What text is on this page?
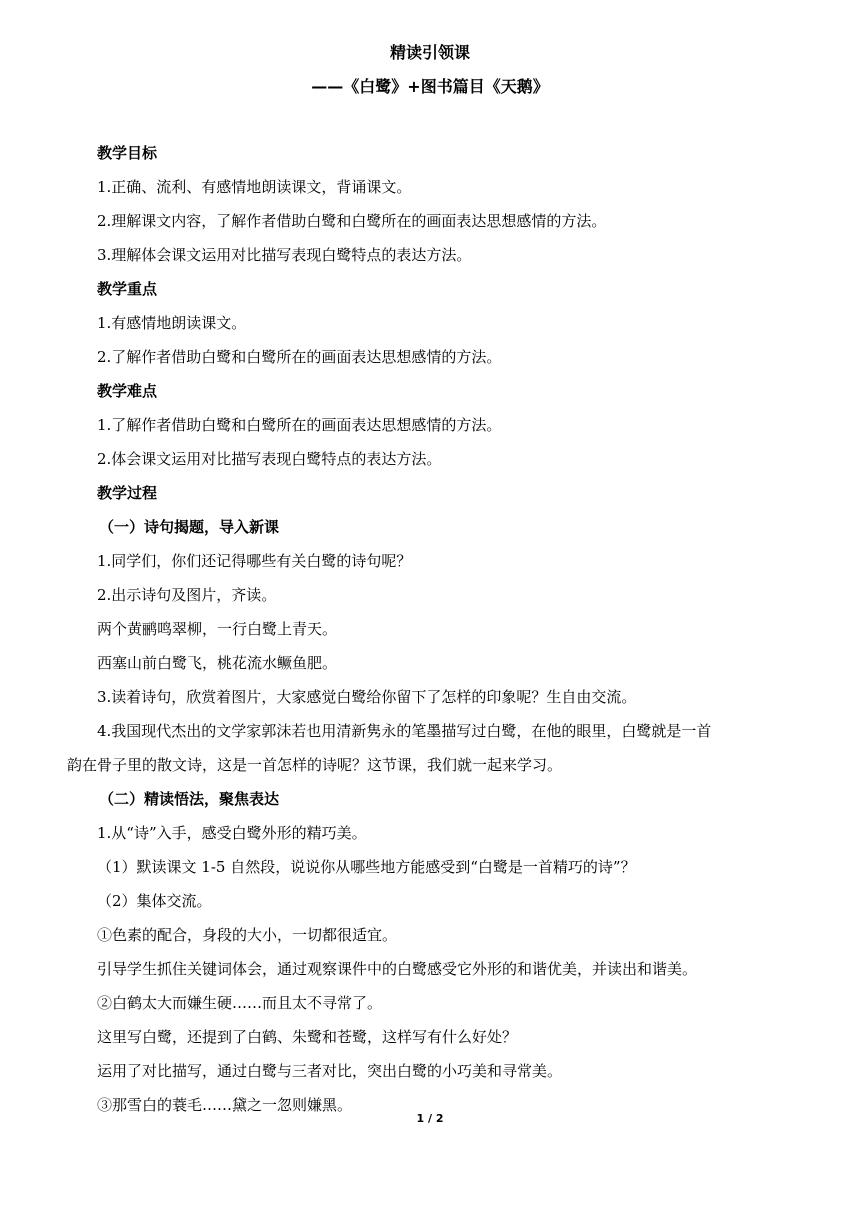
精读引领课
——《白鹭》+图书篇目《天鹅》
教学目标
1.正确、流利、有感情地朗读课文，背诵课文。
2.理解课文内容，了解作者借助白鹭和白鹭所在的画面表达思想感情的方法。
3.理解体会课文运用对比描写表现白鹭特点的表达方法。
教学重点
1.有感情地朗读课文。
2.了解作者借助白鹭和白鹭所在的画面表达思想感情的方法。
教学难点
1.了解作者借助白鹭和白鹭所在的画面表达思想感情的方法。
2.体会课文运用对比描写表现白鹭特点的表达方法。
教学过程
（一）诗句揭题，导入新课
1.同学们，你们还记得哪些有关白鹭的诗句呢？
2.出示诗句及图片，齐读。
两个黄鹂鸣翠柳，一行白鹭上青天。
西塞山前白鹭飞，桃花流水鳜鱼肥。
3.读着诗句，欣赏着图片，大家感觉白鹭给你留下了怎样的印象呢？生自由交流。
4.我国现代杰出的文学家郭沫若也用清新隽永的笔墨描写过白鹭，在他的眼里，白鹭就是一首
韵在骨子里的散文诗，这是一首怎样的诗呢？这节课，我们就一起来学习。
（二）精读悟法，聚焦表达
1.从“诗”入手，感受白鹭外形的精巧美。
（1）默读课文 1-5 自然段，说说你从哪些地方能感受到“白鹭是一首精巧的诗”？
（2）集体交流。
①色素的配合，身段的大小，一切都很适宜。
引导学生抓住关键词体会，通过观察课件中的白鹭感受它外形的和谐优美，并读出和谐美。
②白鹤太大而嫌生硬……而且太不寻常了。
这里写白鹭，还提到了白鹤、朱鹭和苍鹭，这样写有什么好处？
运用了对比描写，通过白鹭与三者对比，突出白鹭的小巧美和寻常美。
③那雪白的蓑毛……黛之一忽则嫌黑。
1 / 2
